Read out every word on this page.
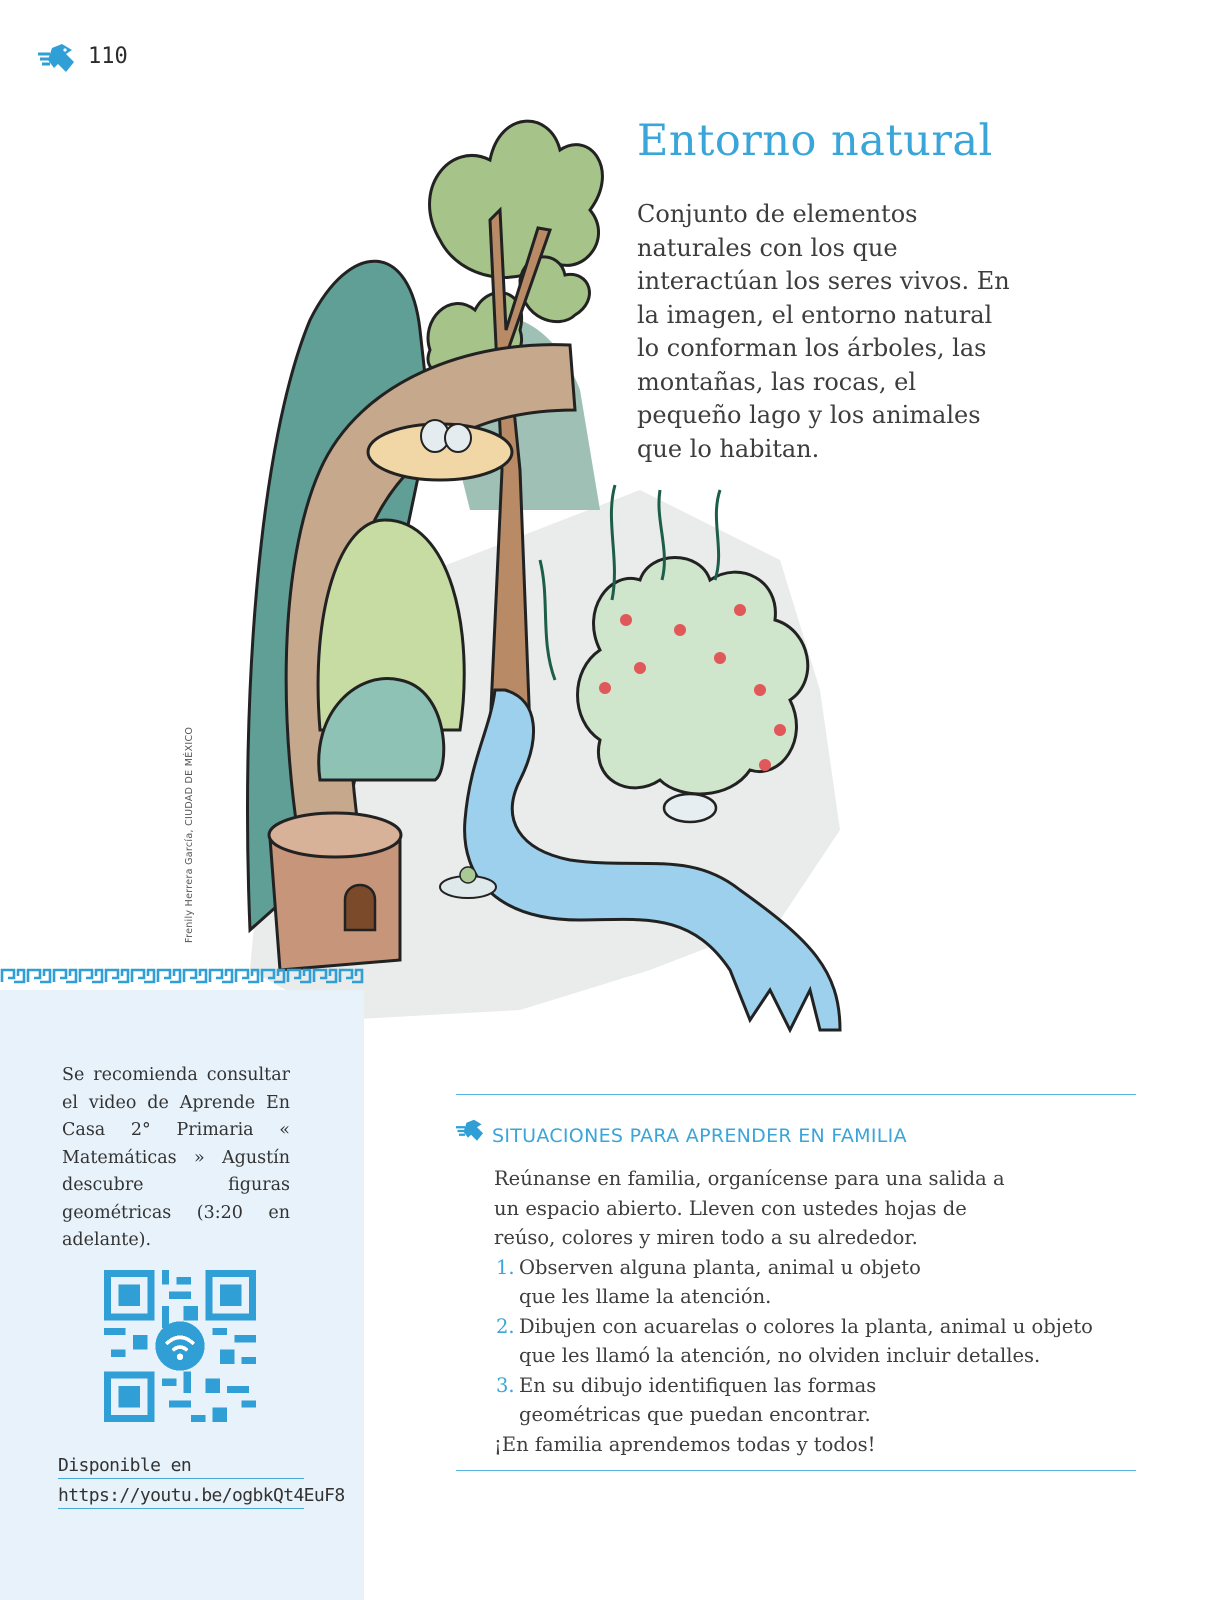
110
Entorno natural

Conjunto de elementos naturales con los que interactúan los seres vivos. En la imagen, el entorno natural lo conforman los árboles, las montañas, las rocas, el pequeño lago y los animales que lo habitan.

Frenily Herrera García, CIUDAD DE MÉXICO

Se recomienda consultar el video de Aprende En Casa 2° Primaria « Matemáticas » Agustín descubre figuras geométricas (3:20 en adelante).

Disponible en
https://youtu.be/ogbkQt4EuF8
SITUACIONES PARA APRENDER EN FAMILIA

Reúnanse en familia, organícense para una salida a un espacio abierto. Lleven con ustedes hojas de reúso, colores y miren todo a su alrededor.

1. Observen alguna planta, animal u objeto que les llame la atención.
2. Dibujen con acuarelas o colores la planta, animal u objeto que les llamó la atención, no olviden incluir detalles.
3. En su dibujo identifiquen las formas geométricas que puedan encontrar.

¡En familia aprendemos todas y todos!
